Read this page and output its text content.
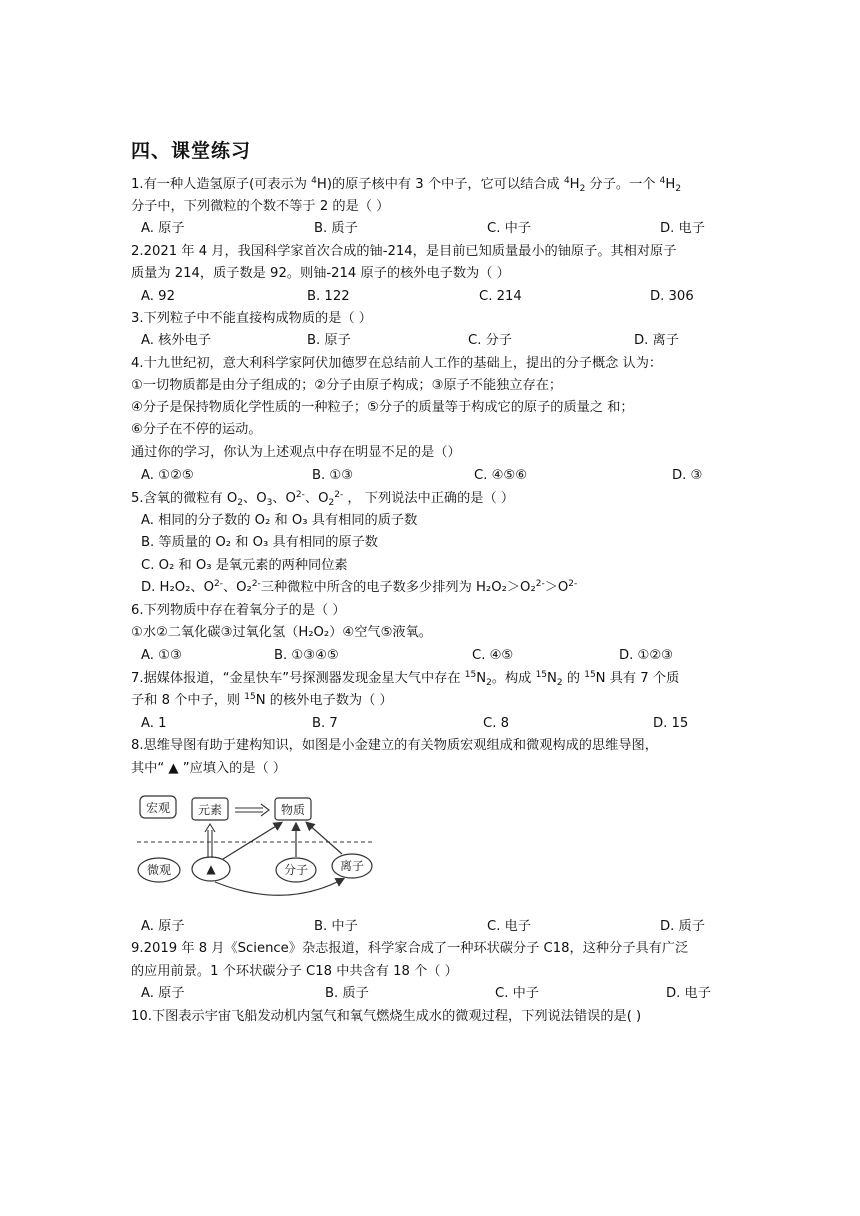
四、课堂练习
1.有一种人造氢原子(可表示为 $^4$H)的原子核中有 3 个中子，它可以结合成 $^4H_2$ 分子。一个 $^4H_2$
分子中，下列微粒的个数不等于 2 的是（ ）
A. 原子	B. 质子	C. 中子	D. 电子
2.2021 年 4 月，我国科学家首次合成的铀-214，是目前已知质量最小的铀原子。其相对原子
质量为 214，质子数是 92。则铀-214 原子的核外电子数为（ ）
A. 92	B. 122	C. 214	D. 306
3.下列粒子中不能直接构成物质的是（ ）
A. 核外电子	B. 原子	C. 分子	D. 离子
4.十九世纪初，意大利科学家阿伏加德罗在总结前人工作的基础上，提出的分子概念 认为：
①一切物质都是由分子组成的；②分子由原子构成；③原子不能独立存在；
④分子是保持物质化学性质的一种粒子；⑤分子的质量等于构成它的原子的质量之 和；
⑥分子在不停的运动。
通过你的学习，你认为上述观点中存在明显不足的是（）
A. ①②⑤	B. ①③	C. ④⑤⑥	D. ③
5.含氧的微粒有 $O_2$、$O_3$、$O^{2-}$、$O_2^{2-}$ ， 下列说法中正确的是（ ）
A. 相同的分子数的 O₂ 和 O₃ 具有相同的质子数
B. 等质量的 O₂ 和 O₃ 具有相同的原子数
C. O₂ 和 O₃ 是氧元素的两种同位素
D. H₂O₂、$O^{2-}$、O₂$^{2-}$三种微粒中所含的电子数多少排列为 $H_2O_2>O_2^{2-}>O^{2-}$
6.下列物质中存在着氧分子的是（ ）
①水②二氧化碳③过氧化氢（H₂O₂）④空气⑤液氧。
A. ①③	B. ①③④⑤	C. ④⑤	D. ①②③
7.据媒体报道，“金星快车”号探测器发现金星大气中存在 $^{15}N_2$。构成 $^{15}N_2$ 的 $^{15}$N 具有 7 个质
子和 8 个中子，则 $^{15}$N 的核外电子数为（ ）
A. 1	B. 7	C. 8	D. 15
8.思维导图有助于建构知识，如图是小金建立的有关物质宏观组成和微观构成的思维导图，
其中“ ▲ ”应填入的是（ ）
宏观 元素	物质
微观	▲	分子	离子
A. 原子	B. 中子	C. 电子	D. 质子
9.2019 年 8 月《Science》杂志报道，科学家合成了一种环状碳分子 C18，这种分子具有广泛
的应用前景。1 个环状碳分子 C18 中共含有 18 个（ ）
A. 原子	B. 质子	C. 中子	D. 电子
10.下图表示宇宙飞船发动机内氢气和氧气燃烧生成水的微观过程，下列说法错误的是( )
